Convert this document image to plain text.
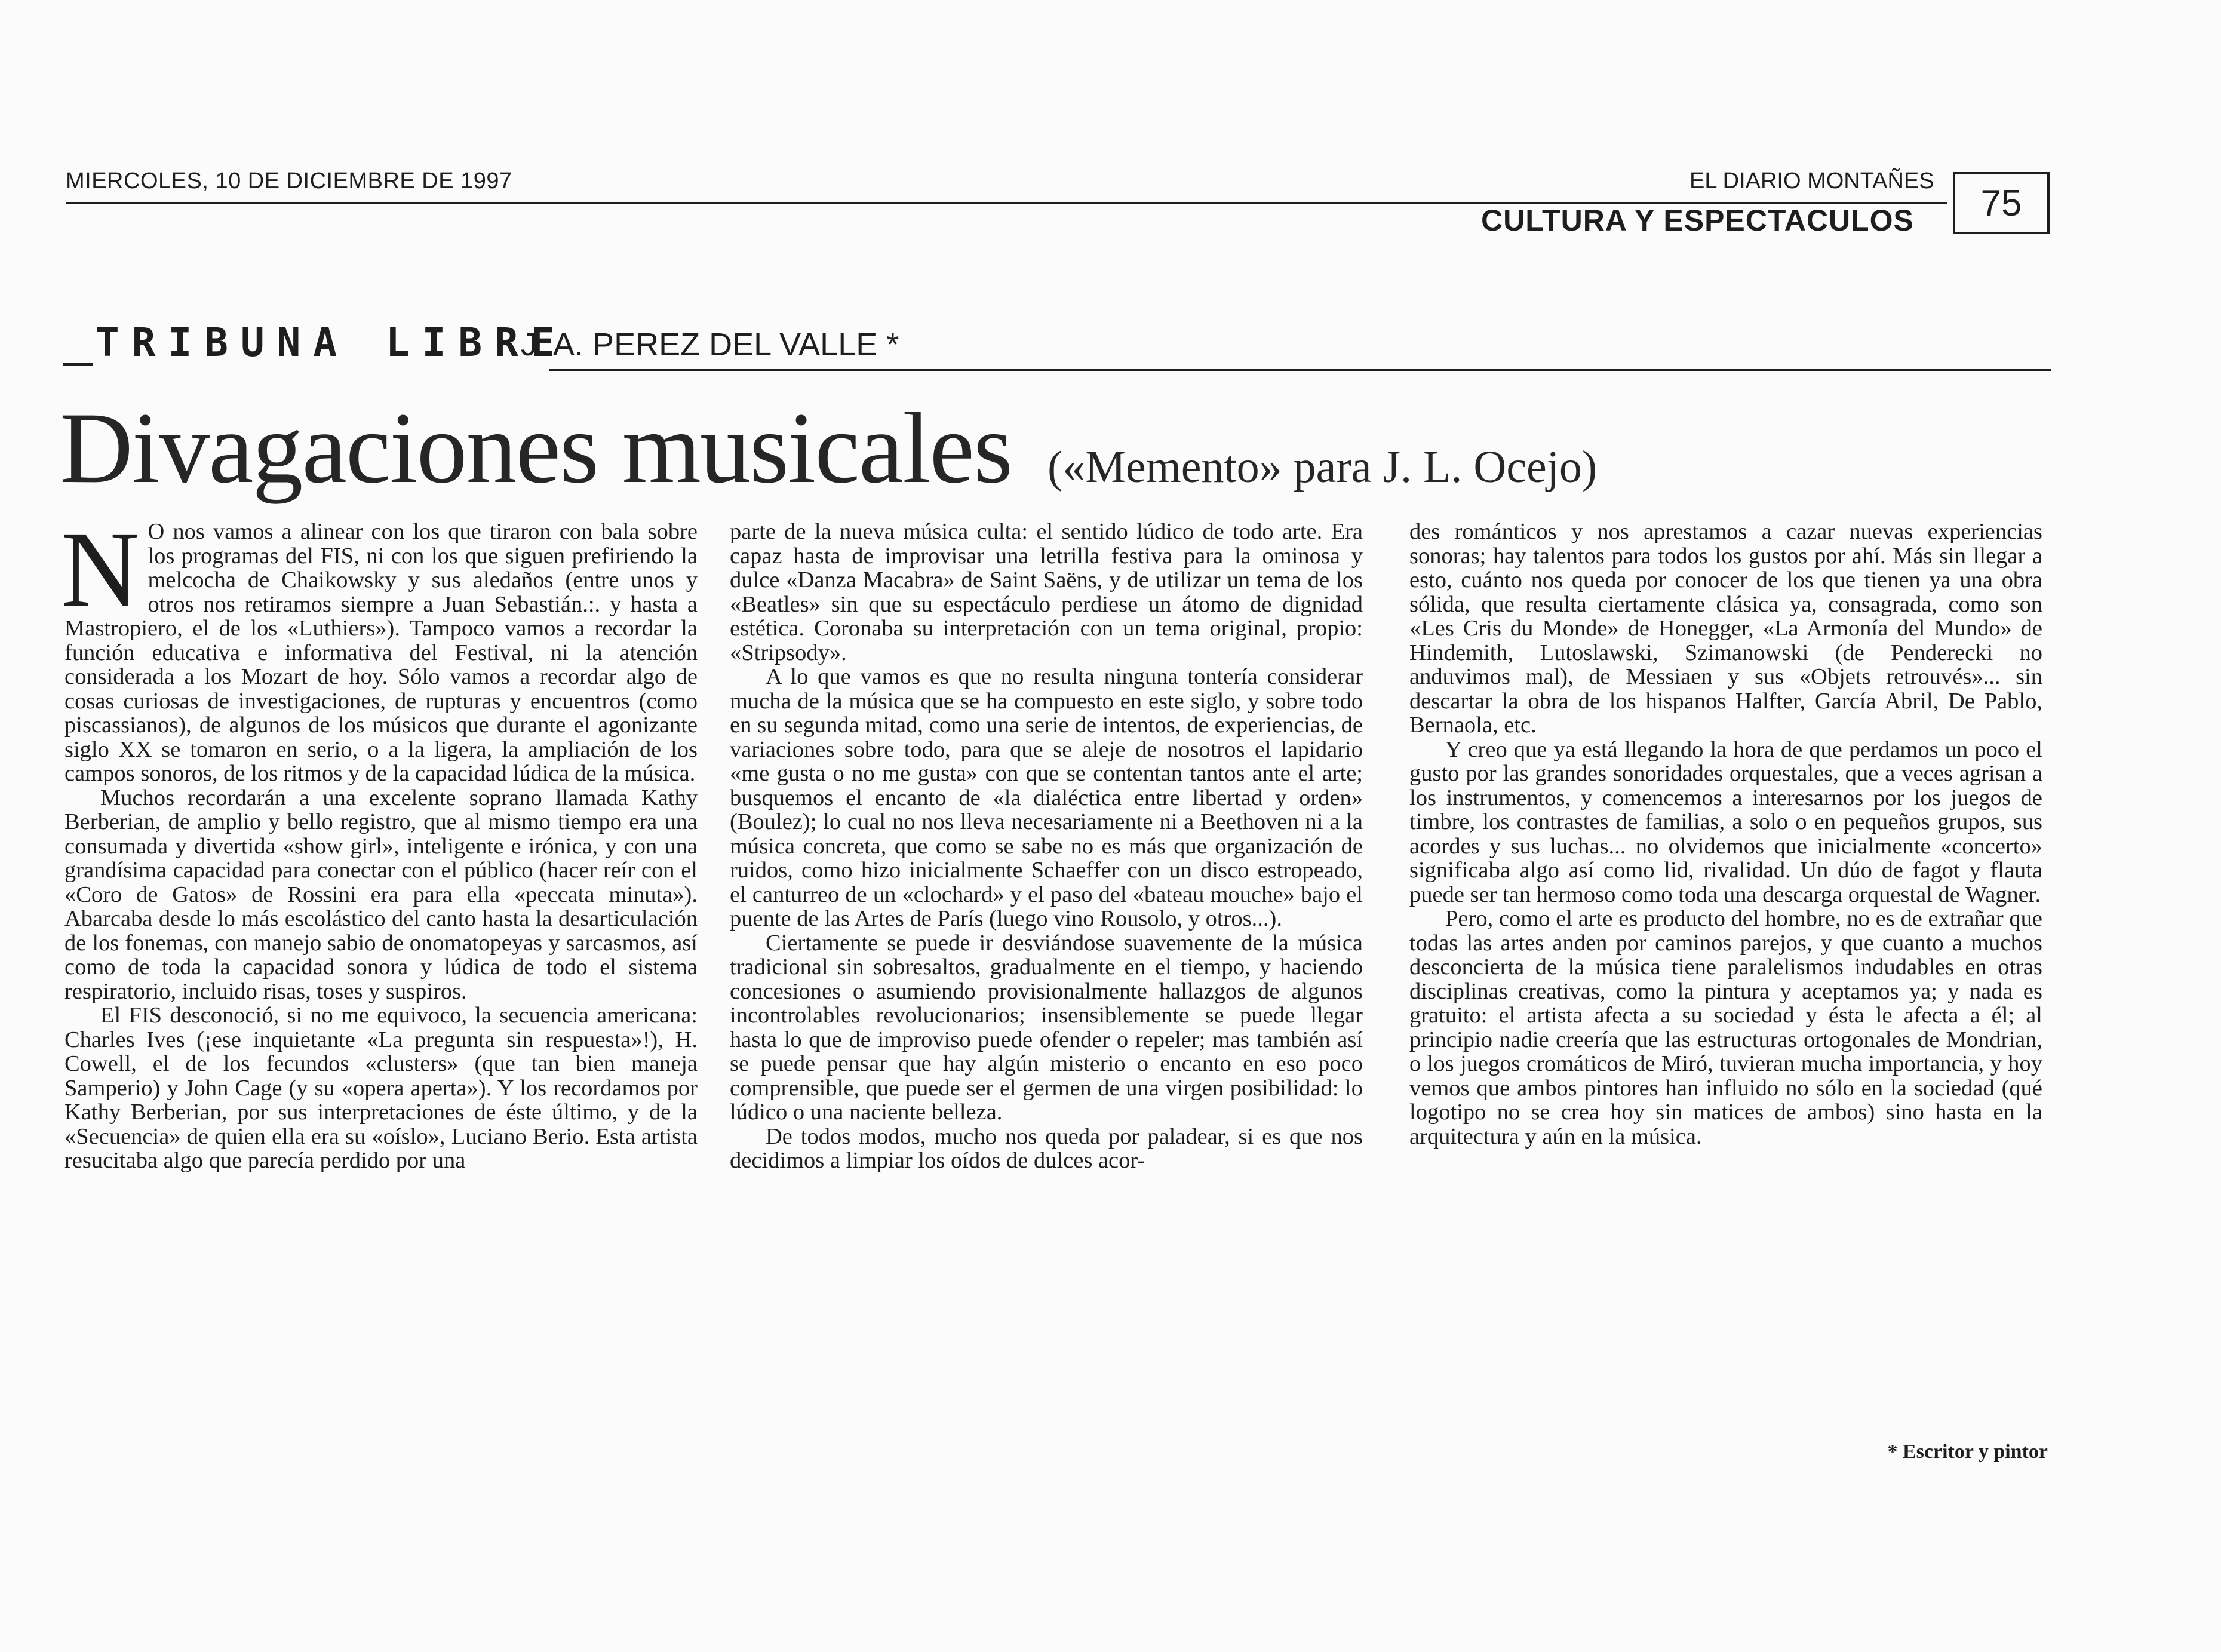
MIERCOLES, 10 DE DICIEMBRE DE 1997	EL DIARIO MONTAÑES
CULTURA Y ESPECTACULOS	75
TRIBUNA LIBRE
J. A. PEREZ DEL VALLE *
Divagaciones musicales («Memento» para J. L. Ocejo)

N O nos vamos a alinear con los que tiraron con bala sobre los programas del FIS, ni con los que siguen prefiriendo la melcocha de Chaikowsky y sus aledaños (entre unos y otros nos retiramos siempre a Juan Sebastián.:. y hasta a Mastropiero, el de los «Luthiers»). Tampoco vamos a recordar la función educativa e informativa del Festival, ni la atención considerada a los Mozart de hoy. Sólo vamos a recordar algo de cosas curiosas de investigaciones, de rupturas y encuentros (como piscassianos), de algunos de los músicos que durante el agonizante siglo XX se tomaron en serio, o a la ligera, la ampliación de los campos sonoros, de los ritmos y de la capacidad lúdica de la música.

Muchos recordarán a una excelente soprano llamada Kathy Berberian, de amplio y bello registro, que al mismo tiempo era una consumada y divertida «show girl», inteligente e irónica, y con una grandísima capacidad para conectar con el público (hacer reír con el «Coro de Gatos» de Rossini era para ella «peccata minuta»). Abarcaba desde lo más escolástico del canto hasta la desarticulación de los fonemas, con manejo sabio de onomatopeyas y sarcasmos, así como de toda la capacidad sonora y lúdica de todo el sistema respiratorio, incluido risas, toses y suspiros.

El FIS desconoció, si no me equivoco, la secuencia americana: Charles Ives (¡ese inquietante «La pregunta sin respuesta»!), H. Cowell, el de los fecundos «clusters» (que tan bien maneja Samperio) y John Cage (y su «opera aperta»). Y los recordamos por Kathy Berberian, por sus interpretaciones de éste último, y de la «Secuencia» de quien ella era su «oíslo», Luciano Berio. Esta artista resucitaba algo que parecía perdido por una

parte de la nueva música culta: el sentido lúdico de todo arte. Era capaz hasta de improvisar una letrilla festiva para la ominosa y dulce «Danza Macabra» de Saint Saëns, y de utilizar un tema de los «Beatles» sin que su espectáculo perdiese un átomo de dignidad estética. Coronaba su interpretación con un tema original, propio: «Stripsody».

A lo que vamos es que no resulta ninguna tontería considerar mucha de la música que se ha compuesto en este siglo, y sobre todo en su segunda mitad, como una serie de intentos, de experiencias, de variaciones sobre todo, para que se aleje de nosotros el lapidario «me gusta o no me gusta» con que se contentan tantos ante el arte; busquemos el encanto de «la dialéctica entre libertad y orden» (Boulez); lo cual no nos lleva necesariamente ni a Beethoven ni a la música concreta, que como se sabe no es más que organización de ruidos, como hizo inicialmente Schaeffer con un disco estropeado, el canturreo de un «clochard» y el paso del «bateau mouche» bajo el puente de las Artes de París (luego vino Rousolo, y otros...).

Ciertamente se puede ir desviándose suavemente de la música tradicional sin sobresaltos, gradualmente en el tiempo, y haciendo concesiones o asumiendo provisionalmente hallazgos de algunos incontrolables revolucionarios; insensiblemente se puede llegar hasta lo que de improviso puede ofender o repeler; mas también así se puede pensar que hay algún misterio o encanto en eso poco comprensible, que puede ser el germen de una virgen posibilidad: lo lúdico o una naciente belleza.

De todos modos, mucho nos queda por paladear, si es que nos decidimos a limpiar los oídos de dulces acor-

des románticos y nos aprestamos a cazar nuevas experiencias sonoras; hay talentos para todos los gustos por ahí. Más sin llegar a esto, cuánto nos queda por conocer de los que tienen ya una obra sólida, que resulta ciertamente clásica ya, consagrada, como son «Les Cris du Monde» de Honegger, «La Armonía del Mundo» de Hindemith, Lutoslawski, Szimanowski (de Penderecki no anduvimos mal), de Messiaen y sus «Objets retrouvés»... sin descartar la obra de los hispanos Halfter, García Abril, De Pablo, Bernaola, etc.

Y creo que ya está llegando la hora de que perdamos un poco el gusto por las grandes sonoridades orquestales, que a veces agrisan a los instrumentos, y comencemos a interesarnos por los juegos de timbre, los contrastes de familias, a solo o en pequeños grupos, sus acordes y sus luchas... no olvidemos que inicialmente «concerto» significaba algo así como lid, rivalidad. Un dúo de fagot y flauta puede ser tan hermoso como toda una descarga orquestal de Wagner.

Pero, como el arte es producto del hombre, no es de extrañar que todas las artes anden por caminos parejos, y que cuanto a muchos desconcierta de la música tiene paralelismos indudables en otras disciplinas creativas, como la pintura y aceptamos ya; y nada es gratuito: el artista afecta a su sociedad y ésta le afecta a él; al principio nadie creería que las estructuras ortogonales de Mondrian, o los juegos cromáticos de Miró, tuvieran mucha importancia, y hoy vemos que ambos pintores han influido no sólo en la sociedad (qué logotipo no se crea hoy sin matices de ambos) sino hasta en la arquitectura y aún en la música.

* Escritor y pintor
